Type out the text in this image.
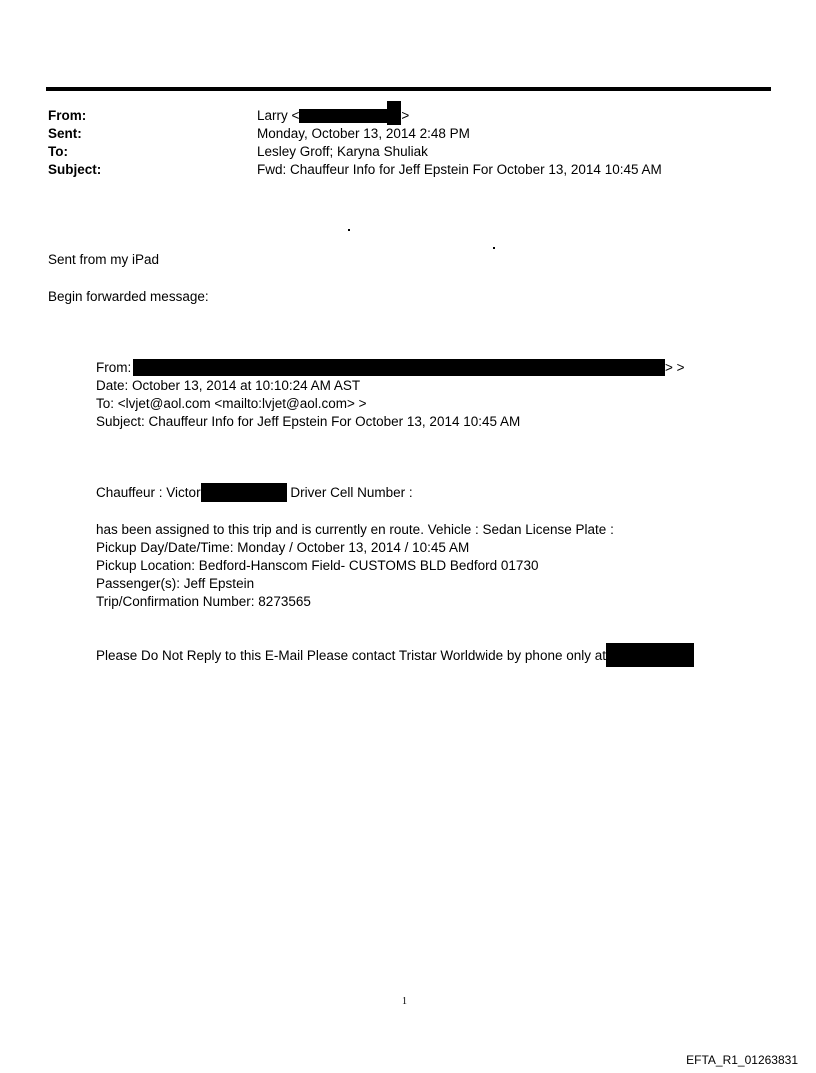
From:	Larry <	>
Sent:	Monday, October 13, 2014 2:48 PM
To:	Lesley Groff; Karyna Shuliak
Subject:	Fwd: Chauffeur Info for Jeff Epstein For October 13, 2014 10:45 AM
Sent from my iPad
Begin forwarded message:
From:	> >
Date: October 13, 2014 at 10:10:24 AM AST
To: <lvjet@aol.com <mailto:lvjet@aol.com> >
Subject: Chauffeur Info for Jeff Epstein For October 13, 2014 10:45 AM
Chauffeur : Victor	Driver Cell Number :
has been assigned to this trip and is currently en route. Vehicle : Sedan License Plate :
Pickup Day/Date/Time: Monday / October 13, 2014 / 10:45 AM
Pickup Location: Bedford-Hanscom Field- CUSTOMS BLD Bedford 01730
Passenger(s): Jeff Epstein
Trip/Confirmation Number: 8273565
Please Do Not Reply to this E-Mail Please contact Tristar Worldwide by phone only at
1
EFTA_R1_01263831
